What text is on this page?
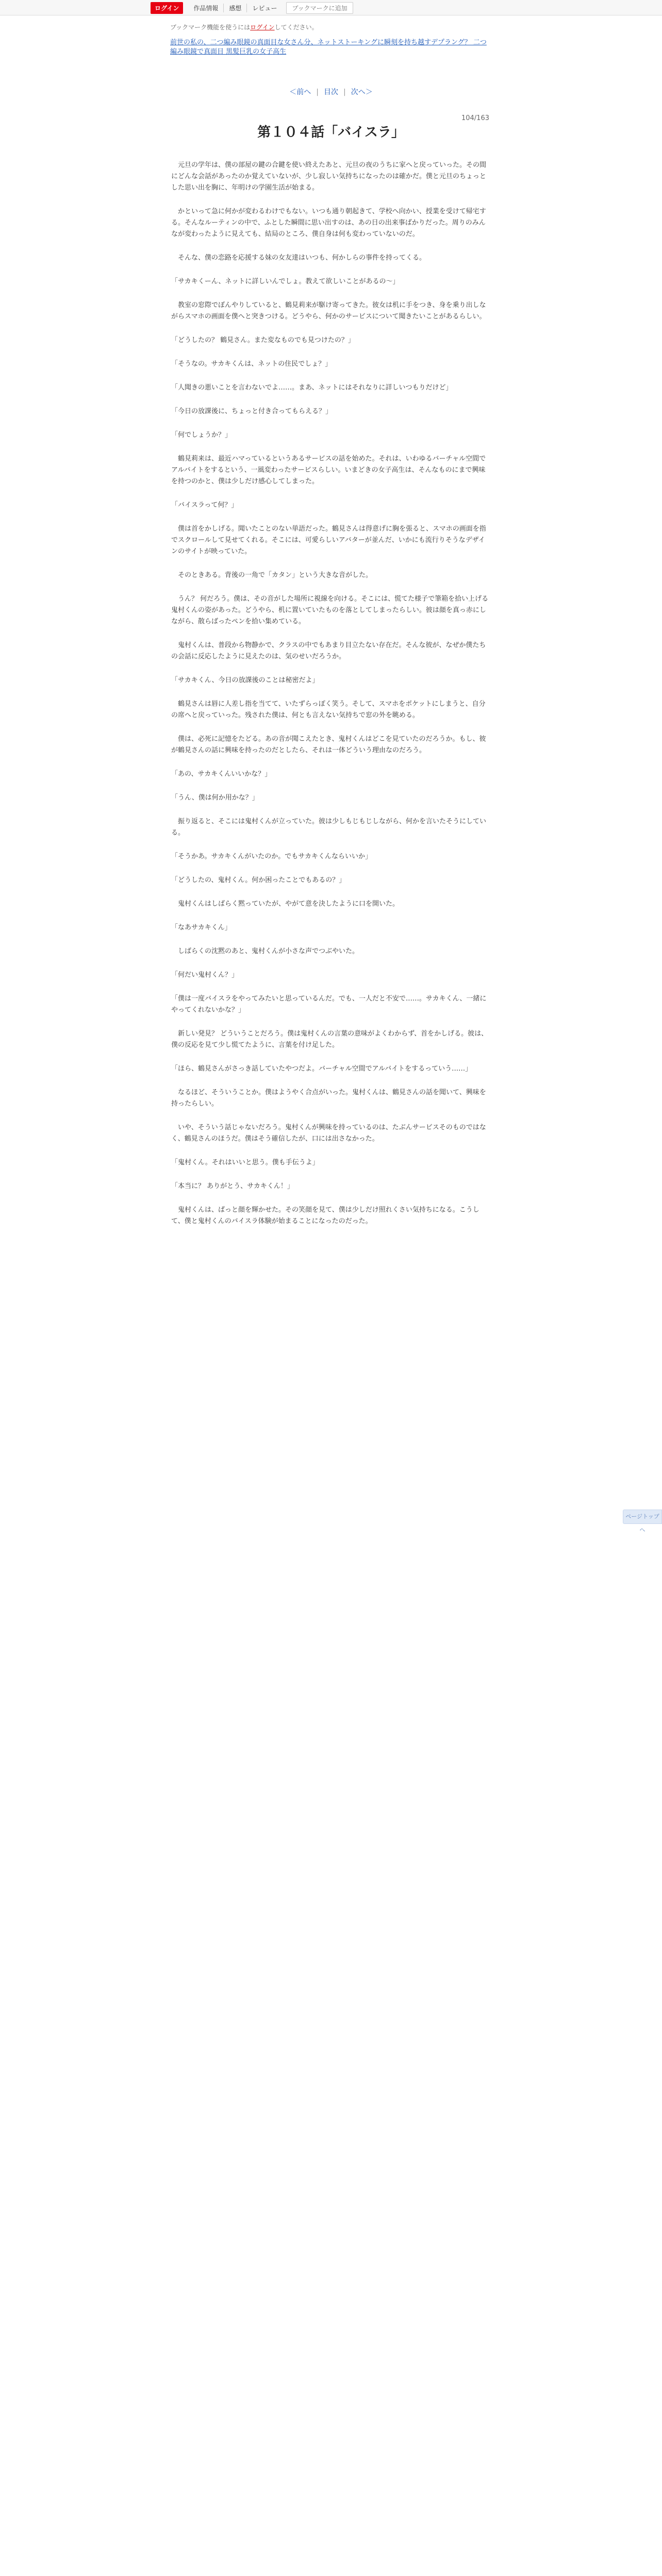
ログイン	作品情報	感想	レビュー	ブックマークに追加
ブックマーク機能を使うにはログインしてください。
前世の私の、二つ編み眼鏡の真面目な女さん分、ネットストーキングに瞬刻を持ち越すデプラング？ 二つ編み眼鏡で真面目 黒髪巨乳の女子高生
＜前へ | 目次 | 次へ＞
104/163
第１０４話「バイスラ」

　元旦の学年は、僕の部屋の鍵の合鍵を使い終えたあと、元旦の夜のうちに家へと戻っていった。その間にどんな会話があったのか覚えていないが、少し寂しい気持ちになったのは確かだ。僕と元旦のちょっとした思い出を胸に、年明けの学園生活が始まる。

　かといって急に何かが変わるわけでもない。いつも通り朝起きて、学校へ向かい、授業を受けて帰宅する。そんなルーティンの中で、ふとした瞬間に思い出すのは、あの日の出来事ばかりだった。周りのみんなが変わったように見えても、結局のところ、僕自身は何も変わっていないのだ。

　そんな、僕の恋路を応援する妹の女友達はいつも、何かしらの事件を持ってくる。

「サカキくーん、ネットに詳しいんでしょ。教えて欲しいことがあるの〜」

　教室の窓際でぼんやりしていると、鶴見莉来が駆け寄ってきた。彼女は机に手をつき、身を乗り出しながらスマホの画面を僕へと突きつける。どうやら、何かのサービスについて聞きたいことがあるらしい。

「どうしたの？ 鶴見さん。また変なものでも見つけたの？」

「そうなの。サカキくんは、ネットの住民でしょ？」

「人聞きの悪いことを言わないでよ……。まあ、ネットにはそれなりに詳しいつもりだけど」

「今日の放課後に、ちょっと付き合ってもらえる？」

「何でしょうか？」

　鶴見莉来は、最近ハマっているというあるサービスの話を始めた。それは、いわゆるバーチャル空間でアルバイトをするという、一風変わったサービスらしい。いまどきの女子高生は、そんなものにまで興味を持つのかと、僕は少しだけ感心してしまった。

「バイスラって何？」

　僕は首をかしげる。聞いたことのない単語だった。鶴見さんは得意げに胸を張ると、スマホの画面を指でスクロールして見せてくれる。そこには、可愛らしいアバターが並んだ、いかにも流行りそうなデザインのサイトが映っていた。

　そのときある。背後の一角で「カタン」という大きな音がした。

　うん？ 何だろう。僕は、その音がした場所に視線を向ける。そこには、慌てた様子で筆箱を拾い上げる鬼村くんの姿があった。どうやら、机に置いていたものを落としてしまったらしい。彼は顔を真っ赤にしながら、散らばったペンを拾い集めている。

　鬼村くんは、普段から物静かで、クラスの中でもあまり目立たない存在だ。そんな彼が、なぜか僕たちの会話に反応したように見えたのは、気のせいだろうか。

「サカキくん、今日の放課後のことは秘密だよ」

　鶴見さんは唇に人差し指を当てて、いたずらっぽく笑う。そして、スマホをポケットにしまうと、自分の席へと戻っていった。残された僕は、何とも言えない気持ちで窓の外を眺める。

　僕は、必死に記憶をたどる。あの音が聞こえたとき、鬼村くんはどこを見ていたのだろうか。もし、彼が鶴見さんの話に興味を持ったのだとしたら、それは一体どういう理由なのだろう。

「あの、サカキくんいいかな？」

「うん、僕は何か用かな？」

　振り返ると、そこには鬼村くんが立っていた。彼は少しもじもじしながら、何かを言いたそうにしている。

「そうかあ。サカキくんがいたのか。でもサカキくんならいいか」

「どうしたの、鬼村くん。何か困ったことでもあるの？」

　鬼村くんはしばらく黙っていたが、やがて意を決したように口を開いた。

「なあサカキくん」

　しばらくの沈黙のあと、鬼村くんが小さな声でつぶやいた。

「何だい鬼村くん？」

「僕は一度バイスラをやってみたいと思っているんだ。でも、一人だと不安で……。サカキくん、一緒にやってくれないかな？」

　新しい発見？ どういうことだろう。僕は鬼村くんの言葉の意味がよくわからず、首をかしげる。彼は、僕の反応を見て少し慌てたように、言葉を付け足した。

「ほら、鶴見さんがさっき話していたやつだよ。バーチャル空間でアルバイトをするっていう……」

　なるほど、そういうことか。僕はようやく合点がいった。鬼村くんは、鶴見さんの話を聞いて、興味を持ったらしい。

　いや、そういう話じゃないだろう。鬼村くんが興味を持っているのは、たぶんサービスそのものではなく、鶴見さんのほうだ。僕はそう確信したが、口には出さなかった。

「鬼村くん。それはいいと思う。僕も手伝うよ」

「本当に？ ありがとう、サカキくん！」

　鬼村くんは、ぱっと顔を輝かせた。その笑顔を見て、僕は少しだけ照れくさい気持ちになる。こうして、僕と鬼村くんのバイスラ体験が始まることになったのだった。

ページトップへ
